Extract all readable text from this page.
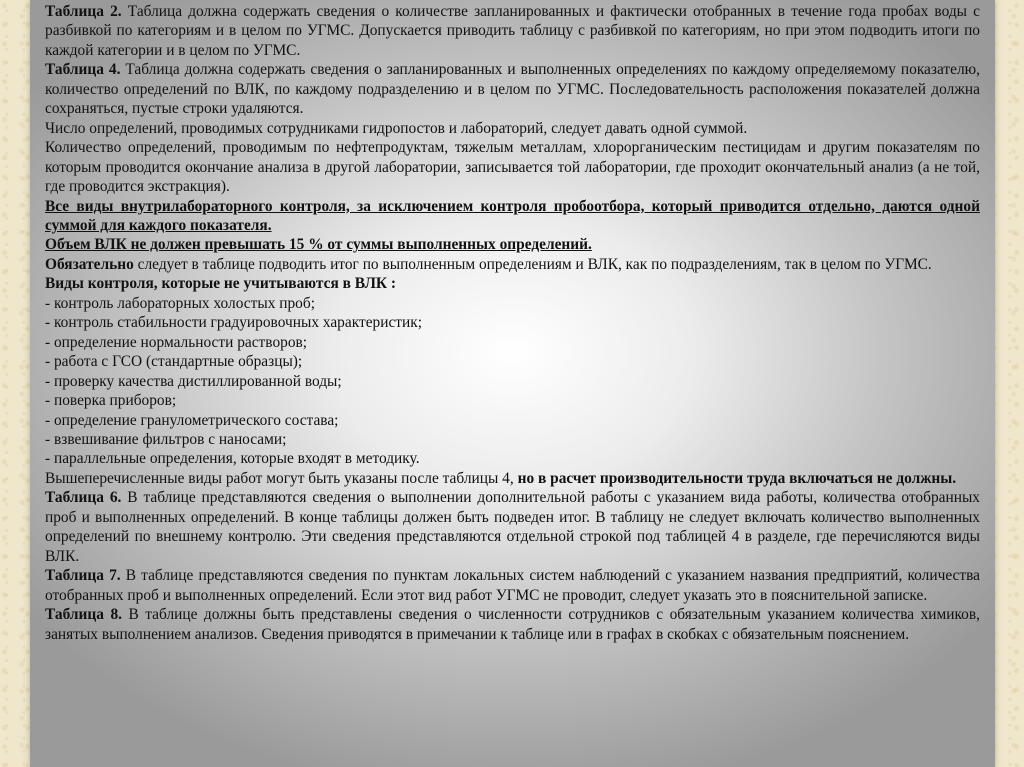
Таблица 2. Таблица должна содержать сведения о количестве запланированных и фактически отобранных в течение года пробах воды с разбивкой по категориям и в целом по УГМС. Допускается приводить таблицу с разбивкой по категориям, но при этом подводить итоги по каждой категории и в целом по УГМС.

Таблица 4. Таблица должна содержать сведения о запланированных и выполненных определениях по каждому определяемому показателю, количество определений по ВЛК, по каждому подразделению и в целом по УГМС. Последовательность расположения показателей должна сохраняться, пустые строки удаляются.

Число определений, проводимых сотрудниками гидропостов и лабораторий, следует давать одной суммой.

Количество определений, проводимым по нефтепродуктам, тяжелым металлам, хлорорганическим пестицидам и другим показателям по которым проводится окончание анализа в другой лаборатории, записывается той лаборатории, где проходит окончательный анализ (а не той, где проводится экстракция).

Все виды внутрилабораторного контроля, за исключением контроля пробоотбора, который приводится отдельно, даются одной суммой для каждого показателя.

Объем ВЛК не должен превышать 15 % от суммы выполненных определений.

Обязательно следует в таблице подводить итог по выполненным определениям и ВЛК, как по подразделениям, так в целом по УГМС.

Виды контроля, которые не учитываются в ВЛК :

- контроль лабораторных холостых проб;

- контроль стабильности градуировочных характеристик;

- определение нормальности растворов;

- работа с ГСО (стандартные образцы);

- проверку качества дистиллированной воды;

- поверка приборов;

- определение гранулометрического состава;

- взвешивание фильтров с наносами;

- параллельные определения, которые входят в методику.

Вышеперечисленные виды работ могут быть указаны после таблицы 4, но в расчет производительности труда включаться не должны.

Таблица 6. В таблице представляются сведения о выполнении дополнительной работы с указанием вида работы, количества отобранных проб и выполненных определений. В конце таблицы должен быть подведен итог. В таблицу не следует включать количество выполненных определений по внешнему контролю. Эти сведения представляются отдельной строкой под таблицей 4 в разделе, где перечисляются виды ВЛК.

Таблица 7. В таблице представляются сведения по пунктам локальных систем наблюдений с указанием названия предприятий, количества отобранных проб и выполненных определений. Если этот вид работ УГМС не проводит, следует указать это в пояснительной записке.

Таблица 8. В таблице должны быть представлены сведения о численности сотрудников с обязательным указанием количества химиков, занятых выполнением анализов. Сведения приводятся в примечании к таблице или в графах в скобках с обязательным пояснением.
